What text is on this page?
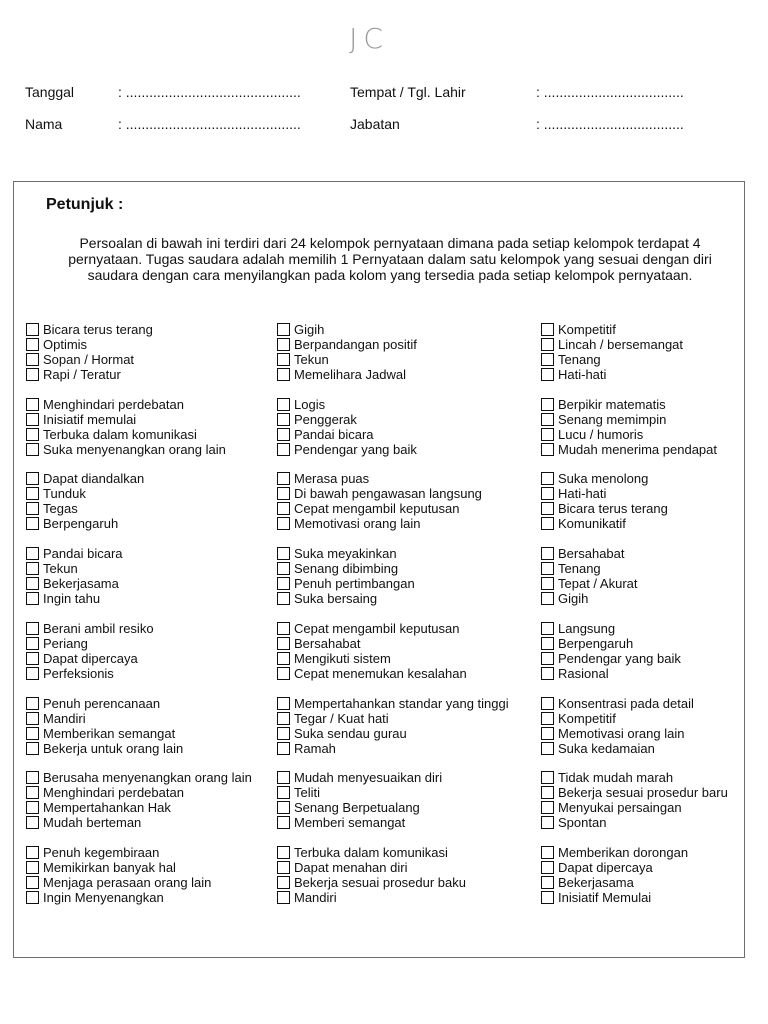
JC
Tanggal	: .............................................
Nama	: .............................................
Tempat / Tgl. Lahir	: ....................................
Jabatan	: ....................................
Petunjuk :
Persoalan di bawah ini terdiri dari 24 kelompok pernyataan dimana pada setiap kelompok terdapat 4 pernyataan. Tugas saudara adalah memilih 1 Pernyataan dalam satu kelompok yang sesuai dengan diri saudara dengan cara menyilangkan pada kolom yang tersedia pada setiap kelompok pernyataan.
Bicara terus terang
Optimis
Sopan / Hormat
Rapi / Teratur
Gigih
Berpandangan positif
Tekun
Memelihara Jadwal
Kompetitif
Lincah / bersemangat
Tenang
Hati-hati
Menghindari perdebatan
Inisiatif memulai
Terbuka dalam komunikasi
Suka menyenangkan orang lain
Logis
Penggerak
Pandai bicara
Pendengar yang baik
Berpikir matematis
Senang memimpin
Lucu / humoris
Mudah menerima pendapat
Dapat diandalkan
Tunduk
Tegas
Berpengaruh
Merasa puas
Di bawah pengawasan langsung
Cepat mengambil keputusan
Memotivasi orang lain
Suka menolong
Hati-hati
Bicara terus terang
Komunikatif
Pandai bicara
Tekun
Bekerjasama
Ingin tahu
Suka meyakinkan
Senang dibimbing
Penuh pertimbangan
Suka bersaing
Bersahabat
Tenang
Tepat / Akurat
Gigih
Berani ambil resiko
Periang
Dapat dipercaya
Perfeksionis
Cepat mengambil keputusan
Bersahabat
Mengikuti sistem
Cepat menemukan kesalahan
Langsung
Berpengaruh
Pendengar yang baik
Rasional
Penuh perencanaan
Mandiri
Memberikan semangat
Bekerja untuk orang lain
Mempertahankan standar yang tinggi
Tegar / Kuat hati
Suka sendau gurau
Ramah
Konsentrasi pada detail
Kompetitif
Memotivasi orang lain
Suka kedamaian
Berusaha menyenangkan orang lain
Menghindari perdebatan
Mempertahankan Hak
Mudah berteman
Mudah menyesuaikan diri
Teliti
Senang Berpetualang
Memberi semangat
Tidak mudah marah
Bekerja sesuai prosedur baru
Menyukai persaingan
Spontan
Penuh kegembiraan
Memikirkan banyak hal
Menjaga perasaan orang lain
Ingin Menyenangkan
Terbuka dalam komunikasi
Dapat menahan diri
Bekerja sesuai prosedur baku
Mandiri
Memberikan dorongan
Dapat dipercaya
Bekerjasama
Inisiatif Memulai
